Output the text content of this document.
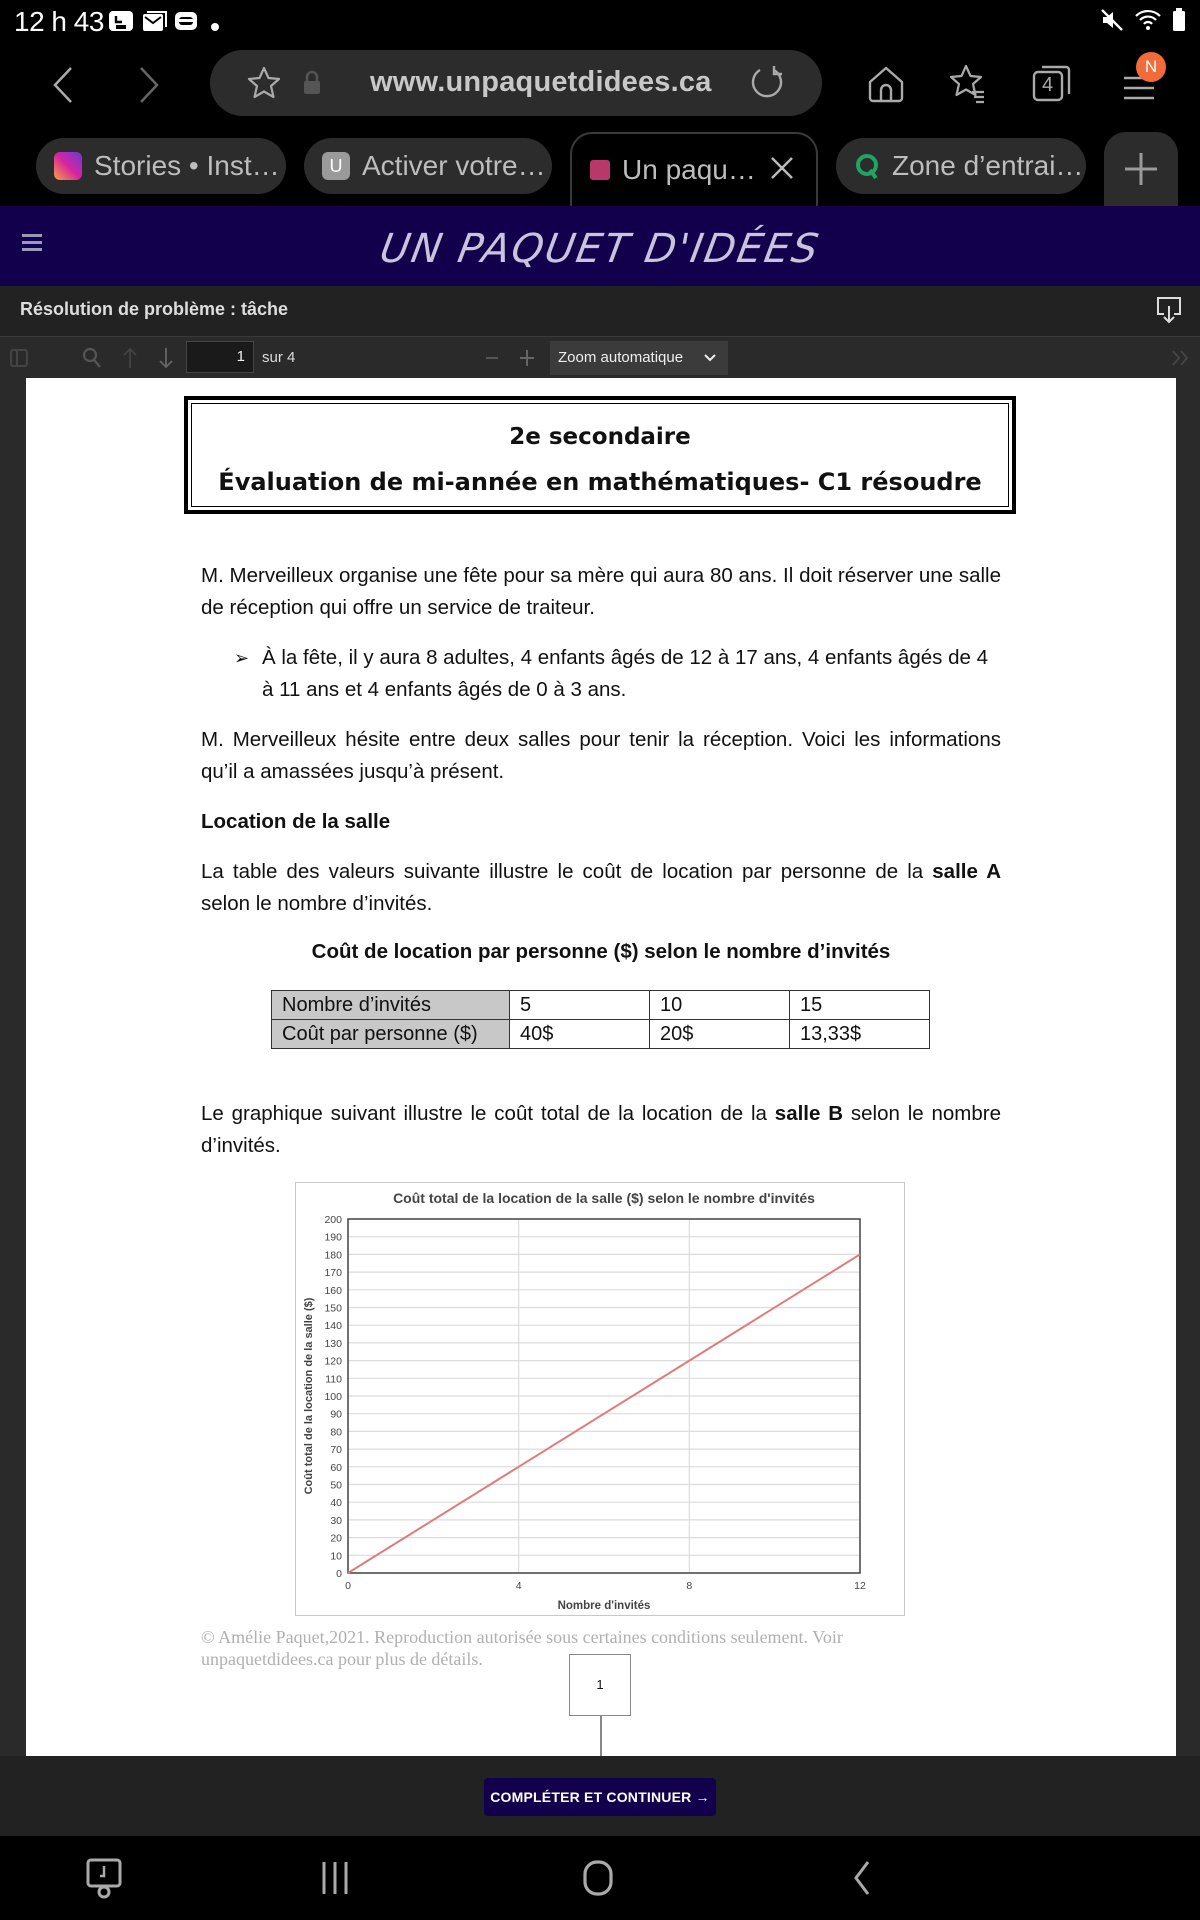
12 h 43
www.unpaquetdidees.ca	4
N
Stories • Inst…	U Activer votre…	Un paqu…	Zone d’entrai…
UN PAQUET D'IDÉES
Résolution de problème : tâche
1	sur 4	Zoom automatique
2e secondaire
Évaluation de mi-année en mathématiques- C1 résoudre
M. Merveilleux organise une fête pour sa mère qui aura 80 ans. Il doit réserver une salle de réception qui offre un service de traiteur.
➢ À la fête, il y aura 8 adultes, 4 enfants âgés de 12 à 17 ans, 4 enfants âgés de 4 à 11 ans et 4 enfants âgés de 0 à 3 ans.
M. Merveilleux hésite entre deux salles pour tenir la réception. Voici les informations qu’il a amassées jusqu’à présent.
Location de la salle
La table des valeurs suivante illustre le coût de location par personne de la salle A selon le nombre d’invités.
Coût de location par personne ($) selon le nombre d’invités
Nombre d’invités	5	10	15
Coût par personne ($)	40$	20$	13,33$
Le graphique suivant illustre le coût total de la location de la salle B selon le nombre d’invités.
Coût total de la location de la salle ($) selon le nombre d'invités
0
10
20
30
40
50
60
70
80
90
100
110
120
130
140
150
160
170
180
190
200
0	4	8	12
Nombre d'invités
Coût total de la location de la salle ($)
© Amélie Paquet,2021. Reproduction autorisée sous certaines conditions seulement. Voir
unpaquetdidees.ca pour plus de détails.
1
COMPLÉTER ET CONTINUER →
